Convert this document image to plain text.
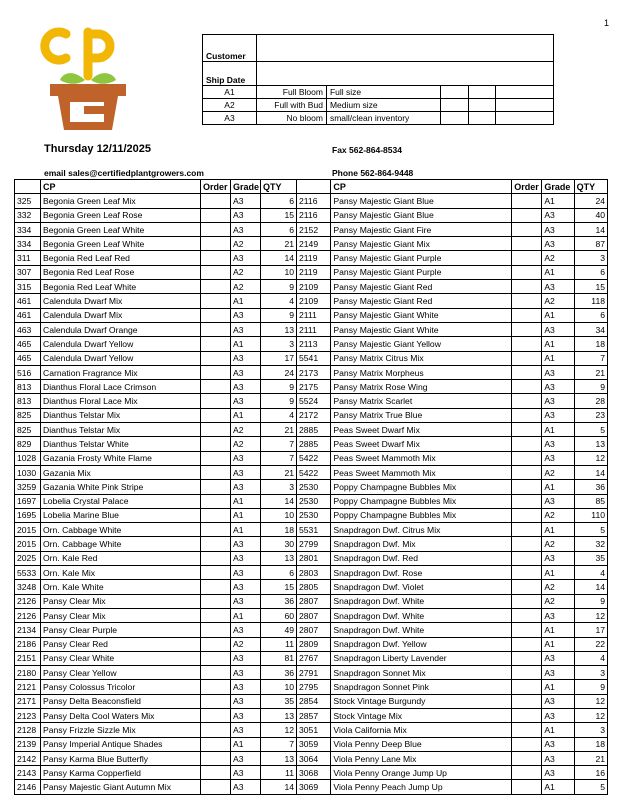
1
Customer					
Ship Date					
A1	Full Bloom	Full size			
A2	Full with Bud	Medium size			
A3	No bloom	small/clean inventory			
Thursday 12/11/2025
email sales@certifiedplantgrowers.com
Fax 562-864-8534
Phone 562-864-9448
	CP	Order	Grade	QTY
325	Begonia Green Leaf Mix		A3	6
332	Begonia Green Leaf Rose		A3	15
334	Begonia Green Leaf White		A3	6
334	Begonia Green Leaf White		A2	21
311	Begonia Red Leaf Red		A3	14
307	Begonia Red Leaf Rose		A2	10
315	Begonia Red Leaf White		A2	9
461	Calendula Dwarf Mix		A1	4
461	Calendula Dwarf Mix		A3	9
463	Calendula Dwarf Orange		A3	13
465	Calendula Dwarf Yellow		A1	3
465	Calendula Dwarf Yellow		A3	17
516	Carnation Fragrance Mix		A3	24
813	Dianthus Floral Lace Crimson		A3	9
813	Dianthus Floral Lace Mix		A3	9
825	Dianthus Telstar Mix		A1	4
825	Dianthus Telstar Mix		A2	21
829	Dianthus Telstar White		A2	7
1028	Gazania Frosty White Flame		A3	7
1030	Gazania Mix		A3	21
3259	Gazania White Pink Stripe		A3	3
1697	Lobelia Crystal Palace		A1	14
1695	Lobelia Marine Blue		A1	10
2015	Orn. Cabbage White		A1	18
2015	Orn. Cabbage White		A3	30
2025	Orn. Kale Red		A3	13
5533	Orn. Kale Mix		A3	6
3248	Orn. Kale White		A3	15
2126	Pansy Clear Mix		A3	36
2126	Pansy Clear Mix		A1	60
2134	Pansy Clear Purple		A3	49
2186	Pansy Clear Red		A2	11
2151	Pansy Clear White		A3	81
2180	Pansy Clear Yellow		A3	36
2121	Pansy Colossus Tricolor		A3	10
2171	Pansy Delta Beaconsfield		A3	35
2123	Pansy Delta Cool Waters Mix		A3	13
2128	Pansy Frizzle Sizzle Mix		A3	12
2139	Pansy Imperial Antique Shades		A1	7
2142	Pansy Karma Blue Butterfly		A3	13
2143	Pansy Karma Copperfield		A3	11
2146	Pansy Majestic Giant Autumn Mix		A3	14
	CP	Order	Grade	QTY
2116	Pansy Majestic Giant Blue		A1	24
2116	Pansy Majestic Giant Blue		A3	40
2152	Pansy Majestic Giant Fire		A3	14
2149	Pansy Majestic Giant Mix		A3	87
2119	Pansy Majestic Giant Purple		A2	3
2119	Pansy Majestic Giant Purple		A1	6
2109	Pansy Majestic Giant Red		A3	15
2109	Pansy Majestic Giant Red		A2	118
2111	Pansy Majestic Giant White		A1	6
2111	Pansy Majestic Giant White		A3	34
2113	Pansy Majestic Giant Yellow		A1	18
5541	Pansy Matrix Citrus Mix		A1	7
2173	Pansy Matrix Morpheus		A3	21
2175	Pansy Matrix Rose Wing		A3	9
5524	Pansy Matrix Scarlet		A3	28
2172	Pansy Matrix True Blue		A3	23
2885	Peas Sweet Dwarf Mix		A1	5
2885	Peas Sweet Dwarf Mix		A3	13
5422	Peas Sweet Mammoth Mix		A3	12
5422	Peas Sweet Mammoth Mix		A2	14
2530	Poppy Champagne Bubbles Mix		A1	36
2530	Poppy Champagne Bubbles Mix		A3	85
2530	Poppy Champagne Bubbles Mix		A2	110
5531	Snapdragon Dwf. Citrus Mix		A1	5
2799	Snapdragon Dwf. Mix		A2	32
2801	Snapdragon Dwf. Red		A3	35
2803	Snapdragon Dwf. Rose		A1	4
2805	Snapdragon Dwf. Violet		A2	14
2807	Snapdragon Dwf. White		A2	9
2807	Snapdragon Dwf. White		A3	12
2807	Snapdragon Dwf. White		A1	17
2809	Snapdragon Dwf. Yellow		A1	22
2767	Snapdragon Liberty Lavender		A3	4
2791	Snapdragon Sonnet Mix		A3	3
2795	Snapdragon Sonnet Pink		A1	9
2854	Stock Vintage Burgundy		A3	12
2857	Stock Vintage Mix		A3	12
3051	Viola California Mix		A1	3
3059	Viola Penny Deep Blue		A3	18
3064	Viola Penny Lane Mix		A3	21
3068	Viola Penny Orange Jump Up		A3	16
3069	Viola Penny Peach Jump Up		A1	5
